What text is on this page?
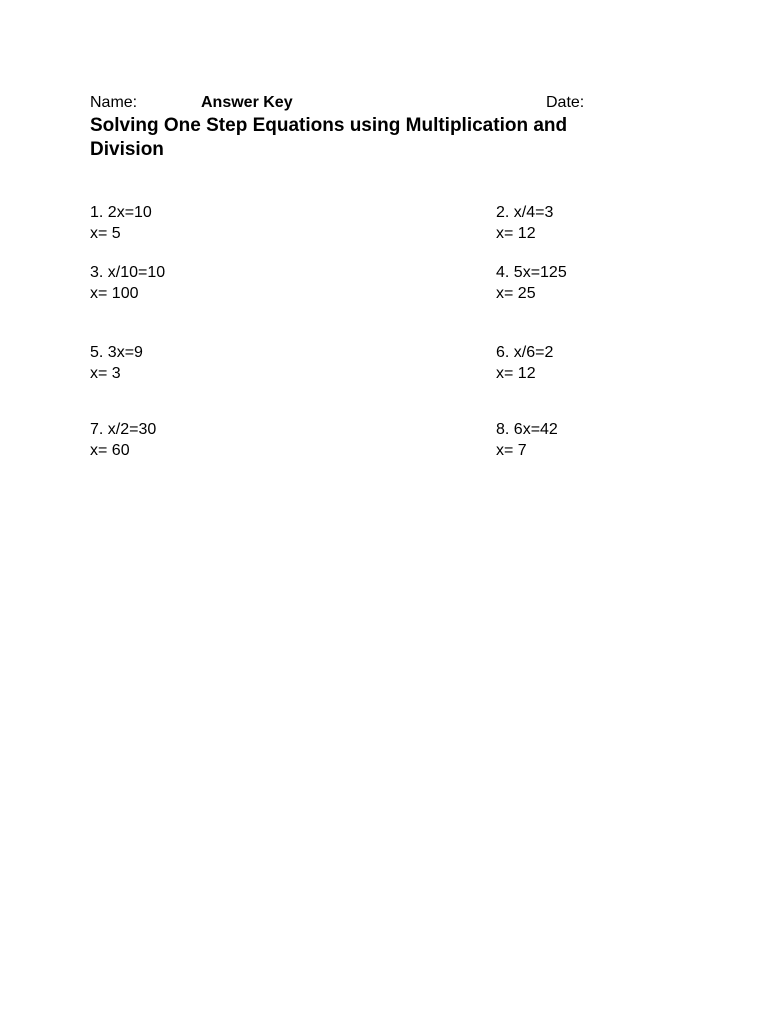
Name:	Answer Key	Date:
Solving One Step Equations using Multiplication and Division
1. 2x=10
x= 5
2. x/4=3
x= 12
3. x/10=10
x= 100
4. 5x=125
x= 25
5. 3x=9
x= 3
6. x/6=2
x= 12
7. x/2=30
x= 60
8. 6x=42
x= 7
